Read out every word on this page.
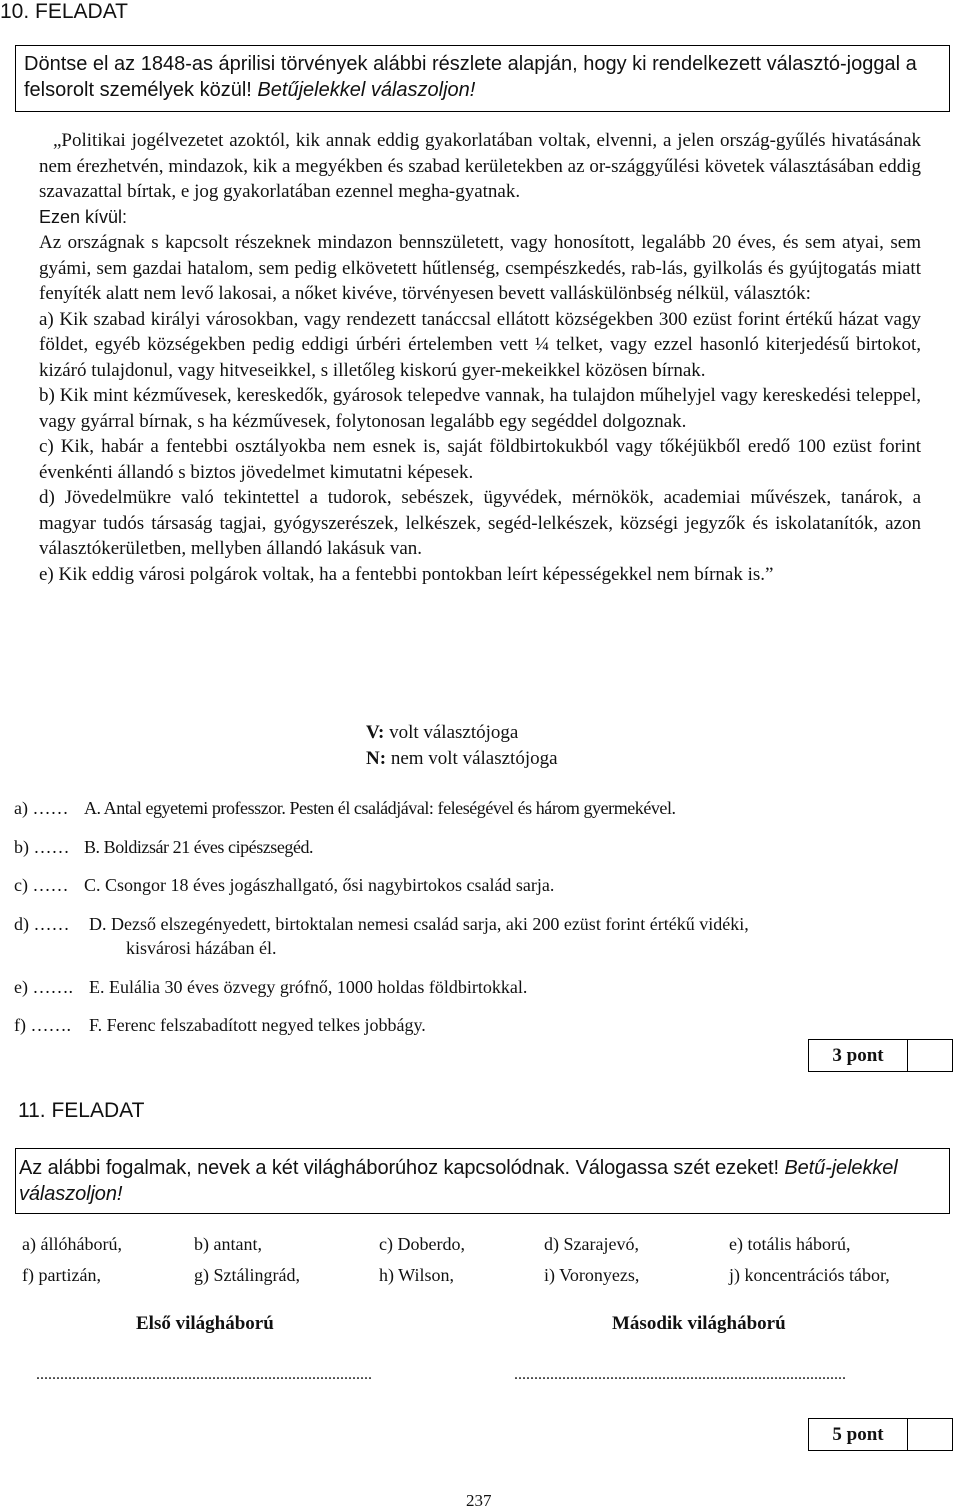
10. FELADAT
Döntse el az 1848-as áprilisi törvények alábbi részlete alapján, hogy ki rendelkezett választó-joggal a felsorolt személyek közül! Betűjelekkel válaszoljon!

„Politikai jogélvezetet azoktól, kik annak eddig gyakorlatában voltak, elvenni, a jelen ország-gyűlés hivatásának nem érezhetvén, mindazok, kik a megyékben és szabad kerületekben az or-szággyűlési követek választásában eddig szavazattal bírtak, e jog gyakorlatában ezennel megha-gyatnak.

Ezen kívül:

Az országnak s kapcsolt részeknek mindazon bennszületett, vagy honosított, legalább 20 éves, és sem atyai, sem gyámi, sem gazdai hatalom, sem pedig elkövetett hűtlenség, csempészkedés, rab-lás, gyilkolás és gyújtogatás miatt fenyíték alatt nem levő lakosai, a nőket kivéve, törvényesen bevett valláskülönbség nélkül, választók:

a) Kik szabad királyi városokban, vagy rendezett tanáccsal ellátott községekben 300 ezüst forint értékű házat vagy földet, egyéb községekben pedig eddigi úrbéri értelemben vett ¼ telket, vagy ezzel hasonló kiterjedésű birtokot, kizáró tulajdonul, vagy hitveseikkel, s illetőleg kiskorú gyer-mekeikkel közösen bírnak.

b) Kik mint kézművesek, kereskedők, gyárosok telepedve vannak, ha tulajdon műhelyjel vagy kereskedési teleppel, vagy gyárral bírnak, s ha kézművesek, folytonosan legalább egy segéddel dolgoznak.

c) Kik, habár a fentebbi osztályokba nem esnek is, saját földbirtokukból vagy tőkéjükből eredő 100 ezüst forint évenkénti állandó s biztos jövedelmet kimutatni képesek.

d) Jövedelmükre való tekintettel a tudorok, sebészek, ügyvédek, mérnökök, academiai művészek, tanárok, a magyar tudós társaság tagjai, gyógyszerészek, lelkészek, segéd-lelkészek, községi jegyzők és iskolatanítók, azon választókerületben, mellyben állandó lakásuk van.

e) Kik eddig városi polgárok voltak, ha a fentebbi pontokban leírt képességekkel nem bírnak is.”

V: volt választójoga
N: nem volt választójoga
a) …… A. Antal egyetemi professzor. Pesten él családjával: feleségével és három gyermekével.
b) …… B. Boldizsár 21 éves cipészsegéd.
c) …… C. Csongor 18 éves jogászhallgató, ősi nagybirtokos család sarja.
d) …… D. Dezső elszegényedett, birtoktalan nemesi család sarja, aki 200 ezüst forint értékű vidéki,
kisvárosi házában él.
e) ……. E. Eulália 30 éves özvegy grófnő, 1000 holdas földbirtokkal.
f) ……. F. Ferenc felszabadított negyed telkes jobbágy.
3 pont
11. FELADAT
Az alábbi fogalmak, nevek a két világháborúhoz kapcsolódnak. Válogassa szét ezeket! Betű-jelekkel válaszoljon!
a) állóháború,	b) antant,	c) Doberdo,	d) Szarajevó,	e) totális háború,
f) partizán,	g) Sztálingrád,	h) Wilson,	i) Voronyezs,	j) koncentrációs tábor,
Első világháború	Második világháború
....................................................................................	...................................................................................
5 pont
237
